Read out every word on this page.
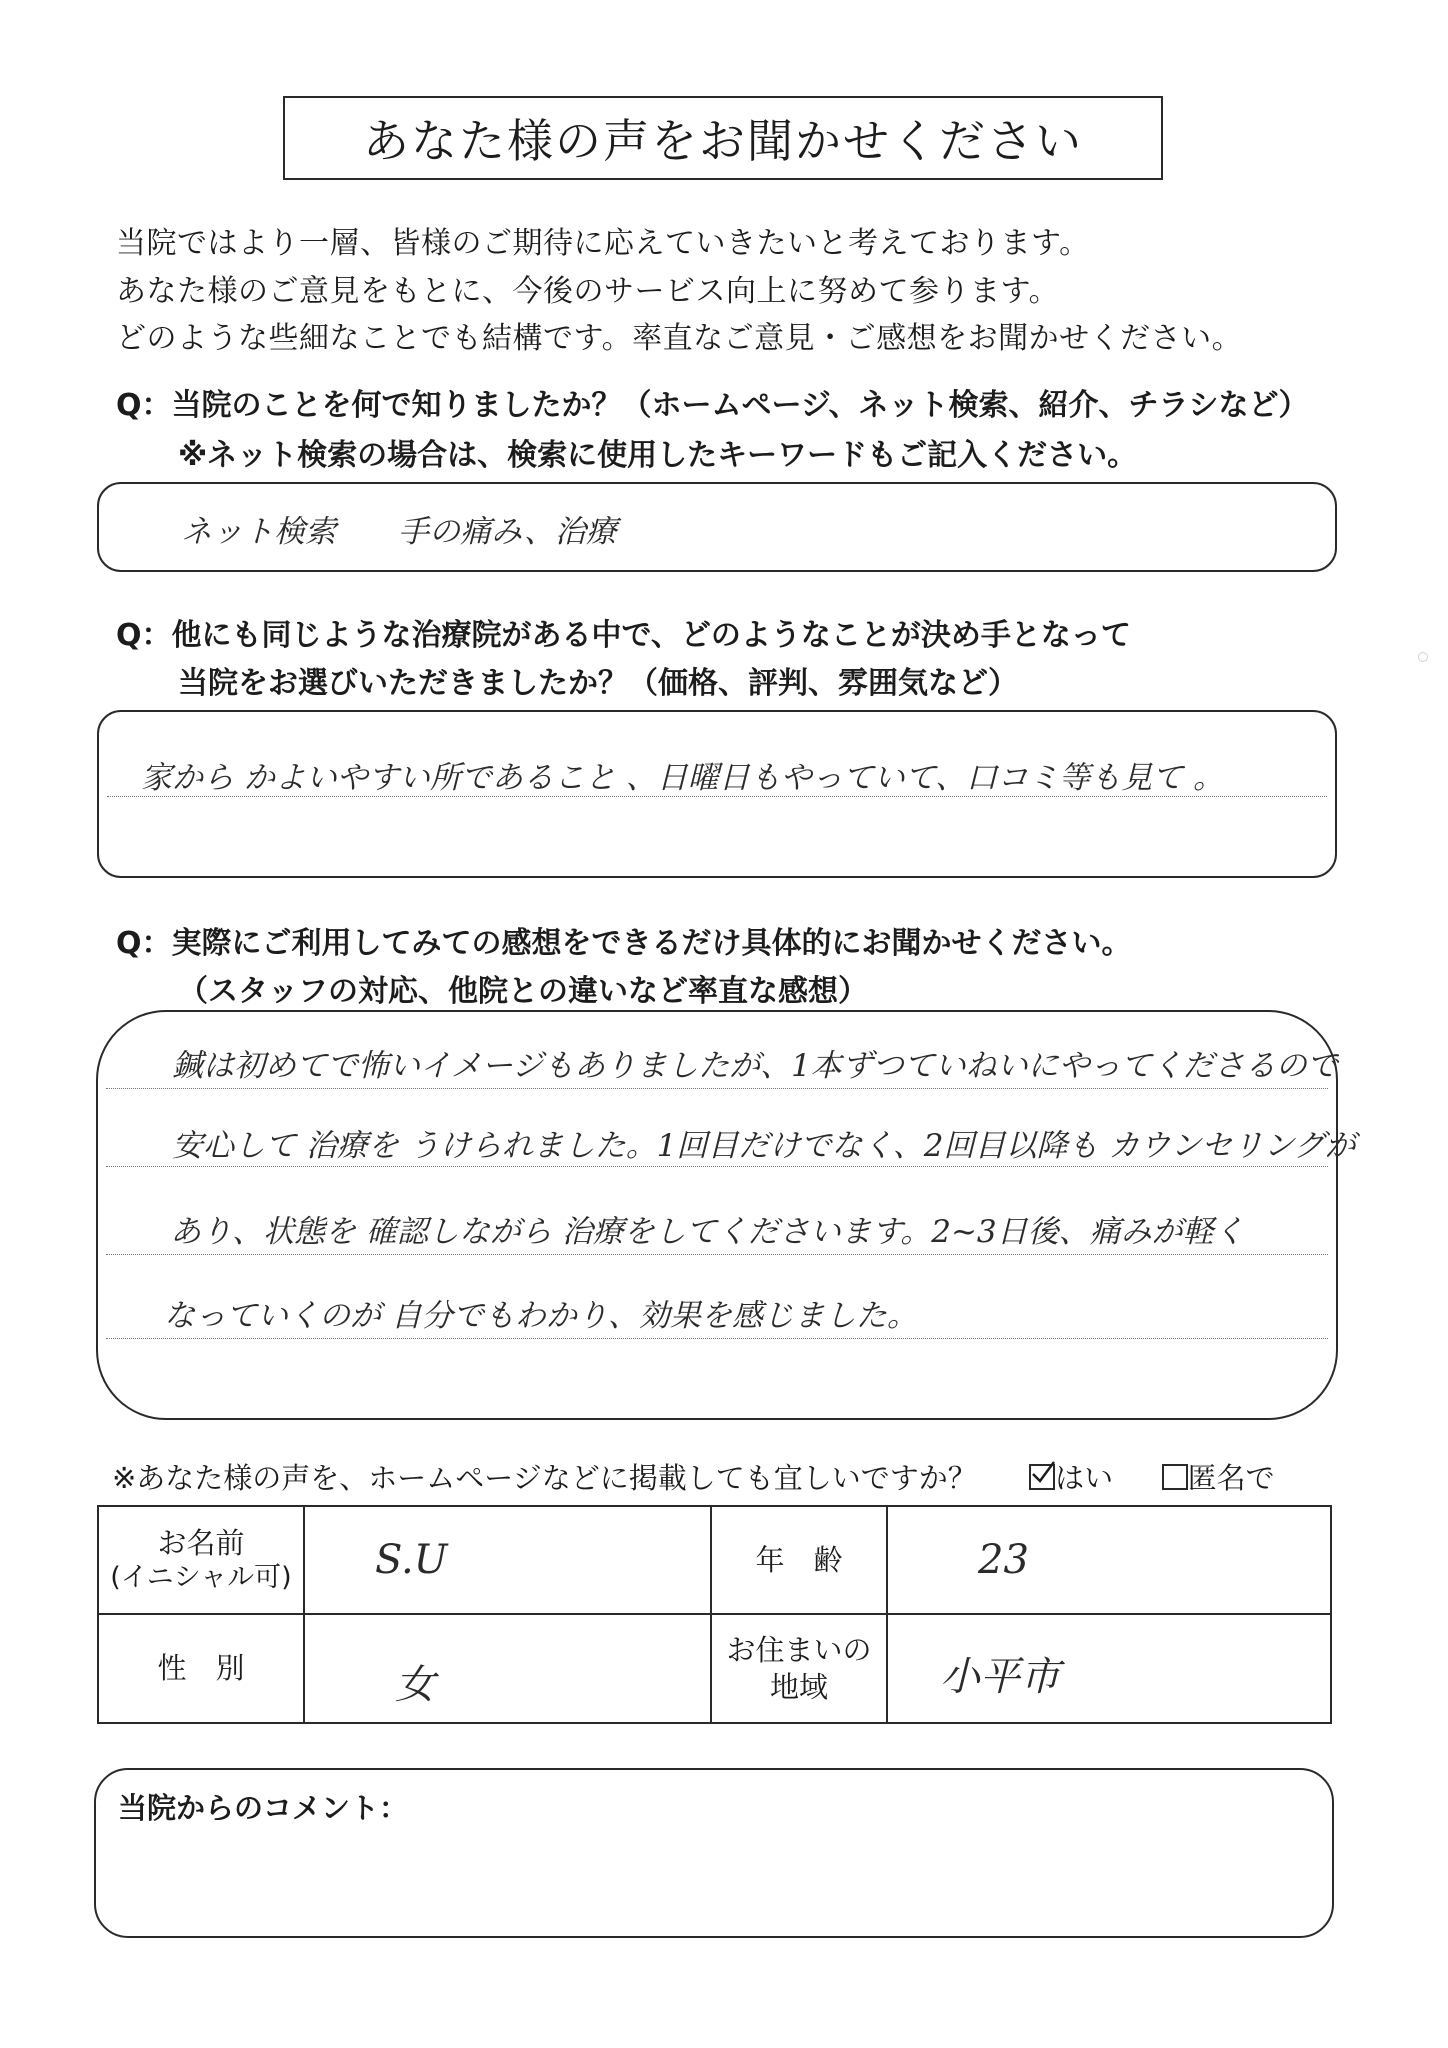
あなた様の声をお聞かせください
当院ではより一層、皆様のご期待に応えていきたいと考えております。
あなた様のご意見をもとに、今後のサービス向上に努めて参ります。
どのような些細なことでも結構です。率直なご意見・ご感想をお聞かせください。
Q：当院のことを何で知りましたか？（ホームページ、ネット検索、紹介、チラシなど）
※ネット検索の場合は、検索に使用したキーワードもご記入ください。
ネット検索　　手の痛み、治療
Q：他にも同じような治療院がある中で、どのようなことが決め手となって
当院をお選びいただきましたか？（価格、評判、雰囲気など）
家から かよいやすい所であること 、日曜日もやっていて、口コミ等も見て 。
Q：実際にご利用してみての感想をできるだけ具体的にお聞かせください。
（スタッフの対応、他院との違いなど率直な感想）
鍼は初めてで怖いイメージもありましたが、1本ずつていねいにやってくださるので
安心して 治療を うけられました。1回目だけでなく、2回目以降も カウンセリングが
あり、状態を 確認しながら 治療をしてくださいます。2~3日後、痛みが軽く
なっていくのが 自分でもわかり、効果を感じました。
※あなた様の声を、ホームページなどに掲載しても宜しいですか？	はい	匿名で
お名前
(イニシャル可)	S.U	年　齢	23

性　別	女	お住まいの
地域	小平市
当院からのコメント：
